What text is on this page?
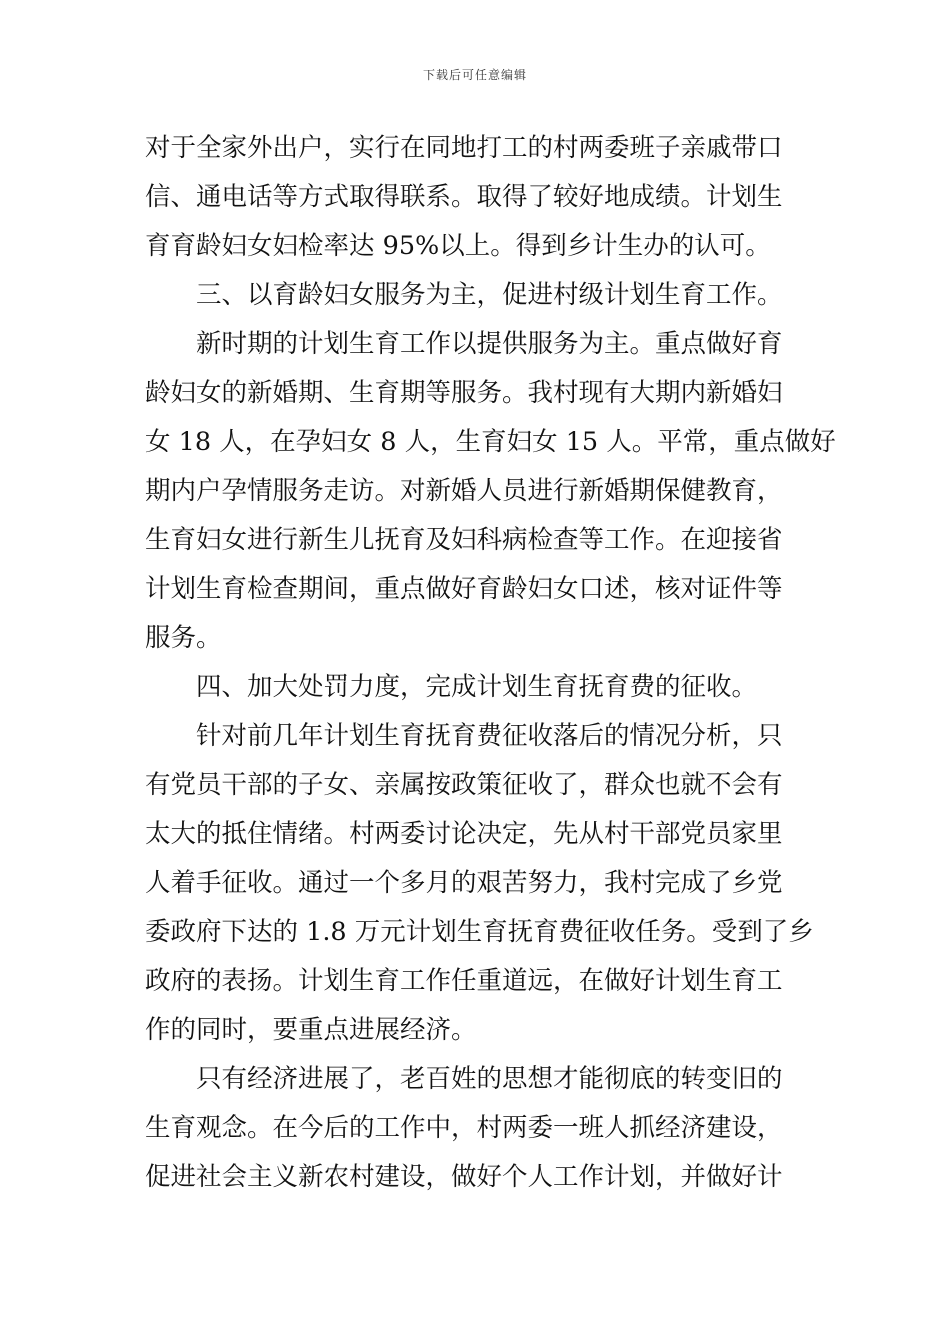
下载后可任意编辑
对于全家外出户，实行在同地打工的村两委班子亲戚带口
信、通电话等方式取得联系。取得了较好地成绩。计划生
育育龄妇女妇检率达 95%以上。得到乡计生办的认可。
三、以育龄妇女服务为主，促进村级计划生育工作。
新时期的计划生育工作以提供服务为主。重点做好育
龄妇女的新婚期、生育期等服务。我村现有大期内新婚妇
女 18 人，在孕妇女 8 人，生育妇女 15 人。平常，重点做好
期内户孕情服务走访。对新婚人员进行新婚期保健教育，
生育妇女进行新生儿抚育及妇科病检查等工作。在迎接省
计划生育检查期间，重点做好育龄妇女口述，核对证件等
服务。
四、加大处罚力度，完成计划生育抚育费的征收。
针对前几年计划生育抚育费征收落后的情况分析，只
有党员干部的子女、亲属按政策征收了，群众也就不会有
太大的抵住情绪。村两委讨论决定，先从村干部党员家里
人着手征收。通过一个多月的艰苦努力，我村完成了乡党
委政府下达的 1.8 万元计划生育抚育费征收任务。受到了乡
政府的表扬。计划生育工作任重道远，在做好计划生育工
作的同时，要重点进展经济。
只有经济进展了，老百姓的思想才能彻底的转变旧的
生育观念。在今后的工作中，村两委一班人抓经济建设，
促进社会主义新农村建设，做好个人工作计划，并做好计
